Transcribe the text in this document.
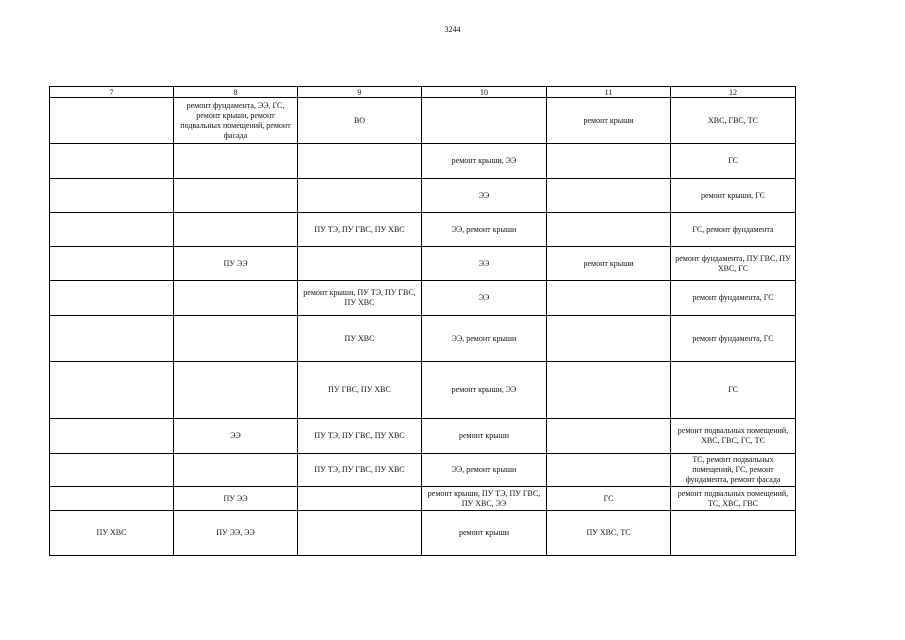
3244
7	8	9	10	11	12
	ремонт фундамента, ЭЭ, ГС, ремонт крыши, ремонт подвальных помещений, ремонт фасада	ВО		ремонт крыши	ХВС, ГВС, ТС
			ремонт крыши, ЭЭ		ГС
			ЭЭ		ремонт крыши, ГС
		ПУ ТЭ, ПУ ГВС, ПУ ХВС	ЭЭ, ремонт крыши		ГС, ремонт фундамента
	ПУ ЭЭ		ЭЭ	ремонт крыши	ремонт фундамента, ПУ ГВС, ПУ ХВС, ГС
		ремонт крыши, ПУ ТЭ, ПУ ГВС, ПУ ХВС	ЭЭ		ремонт фундамента, ГС
		ПУ ХВС	ЭЭ, ремонт крыши		ремонт фундамента, ГС
		ПУ ГВС, ПУ ХВС	ремонт крыши, ЭЭ		ГС
	ЭЭ	ПУ ТЭ, ПУ ГВС, ПУ ХВС	ремонт крыши		ремонт подвальных помещений, ХВС, ГВС, ГС, ТС
		ПУ ТЭ, ПУ ГВС, ПУ ХВС	ЭЭ, ремонт крыши		ТС, ремонт подвальных помещений, ГС, ремонт фундамента, ремонт фасада
	ПУ ЭЭ		ремонт крыши, ПУ ТЭ, ПУ ГВС, ПУ ХВС, ЭЭ	ГС	ремонт подвальных помещений, ТС, ХВС, ГВС
ПУ ХВС	ПУ ЭЭ, ЭЭ		ремонт крыши	ПУ ХВС, ТС	
